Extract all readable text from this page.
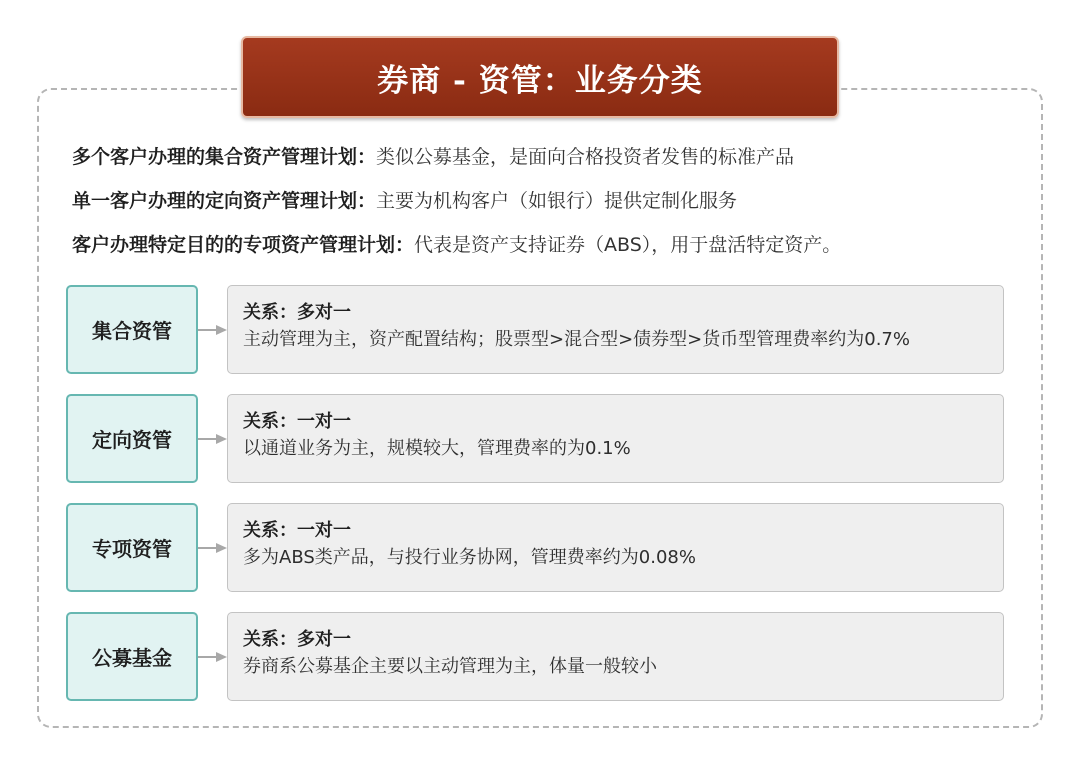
券商 - 资管：业务分类
多个客户办理的集合资产管理计划：类似公募基金，是面向合格投资者发售的标准产品
单一客户办理的定向资产管理计划：主要为机构客户（如银行）提供定制化服务
客户办理特定目的的专项资产管理计划：代表是资产支持证券（ABS），用于盘活特定资产。
集合资管
关系：多对一
主动管理为主，资产配置结构；股票型>混合型>债券型>货币型管理费率约为0.7%
定向资管
关系：一对一
以通道业务为主，规模较大，管理费率的为0.1%
专项资管
关系：一对一
多为ABS类产品，与投行业务协网，管理费率约为0.08%
公募基金
关系：多对一
券商系公募基企主要以主动管理为主，体量一般较小
